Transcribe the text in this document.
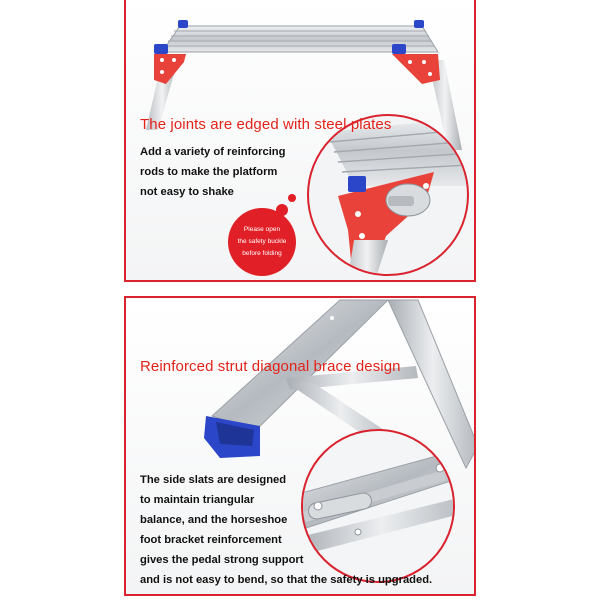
The joints are edged with steel plates
Add a variety of reinforcing
rods to make the platform
not easy to shake
Please open
the safety buckle
before folding
Reinforced strut diagonal brace design
The side slats are designed
to maintain triangular
balance, and the horseshoe
foot bracket reinforcement
gives the pedal strong support
and is not easy to bend, so that the safety is upgraded.
